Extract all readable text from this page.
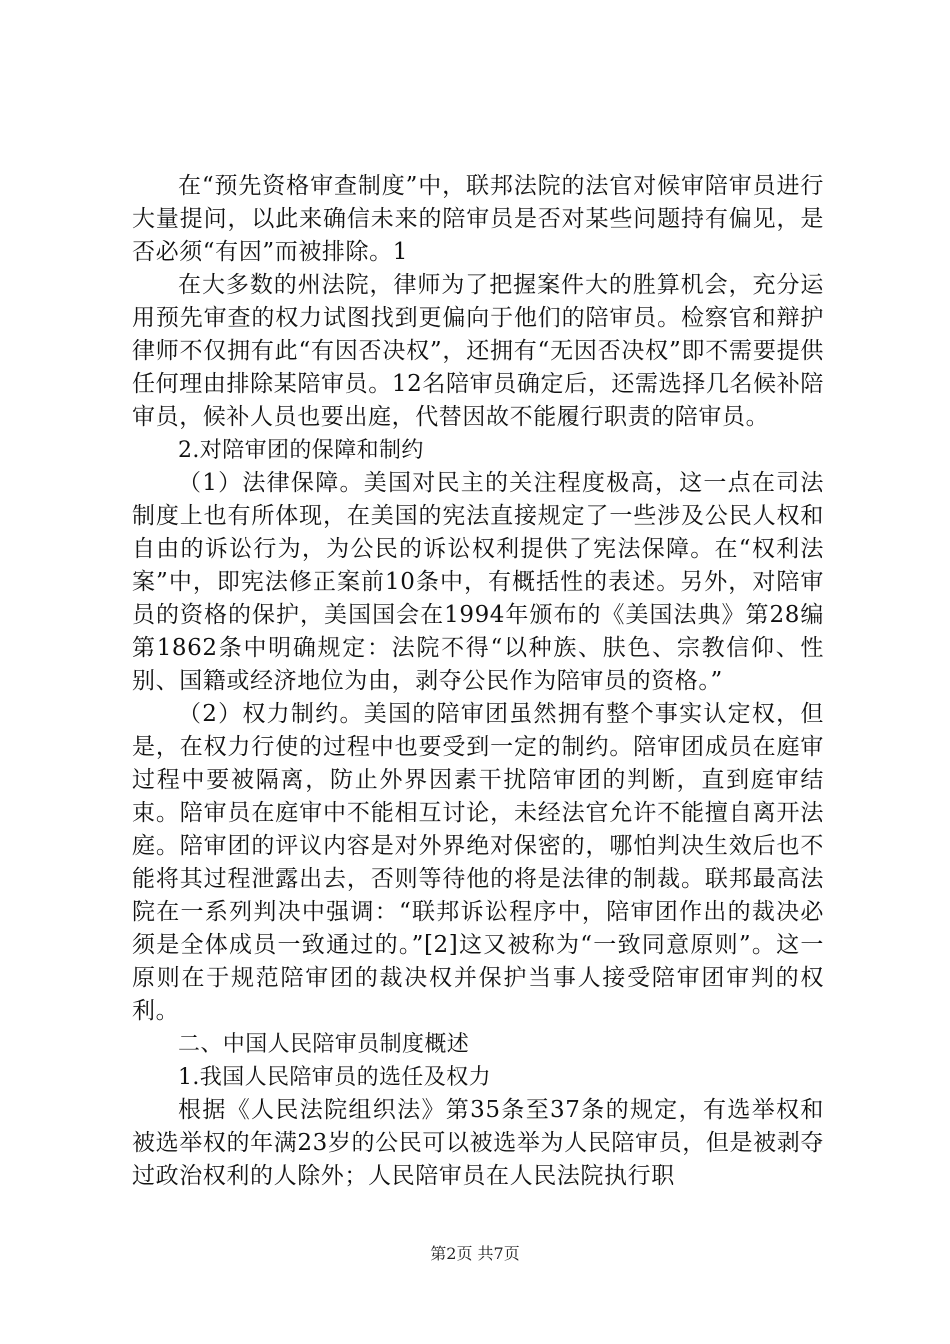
在“预先资格审查制度”中，联邦法院的法官对候审陪审员进行大量提问，以此来确信未来的陪审员是否对某些问题持有偏见，是否必须“有因”而被排除。1

在大多数的州法院，律师为了把握案件大的胜算机会，充分运用预先审查的权力试图找到更偏向于他们的陪审员。检察官和辩护律师不仅拥有此“有因否决权”，还拥有“无因否决权”即不需要提供任何理由排除某陪审员。12名陪审员确定后，还需选择几名候补陪审员，候补人员也要出庭，代替因故不能履行职责的陪审员。

2.对陪审团的保障和制约

（1）法律保障。美国对民主的关注程度极高，这一点在司法制度上也有所体现，在美国的宪法直接规定了一些涉及公民人权和自由的诉讼行为，为公民的诉讼权利提供了宪法保障。在“权利法案”中，即宪法修正案前10条中，有概括性的表述。另外，对陪审员的资格的保护，美国国会在1994年颁布的《美国法典》第28编第1862条中明确规定：法院不得“以种族、肤色、宗教信仰、性别、国籍或经济地位为由，剥夺公民作为陪审员的资格。”

（2）权力制约。美国的陪审团虽然拥有整个事实认定权，但是，在权力行使的过程中也要受到一定的制约。陪审团成员在庭审过程中要被隔离，防止外界因素干扰陪审团的判断，直到庭审结束。陪审员在庭审中不能相互讨论，未经法官允许不能擅自离开法庭。陪审团的评议内容是对外界绝对保密的，哪怕判决生效后也不能将其过程泄露出去，否则等待他的将是法律的制裁。联邦最高法院在一系列判决中强调：“联邦诉讼程序中，陪审团作出的裁决必须是全体成员一致通过的。”[2]这又被称为“一致同意原则”。这一原则在于规范陪审团的裁决权并保护当事人接受陪审团审判的权利。

二、中国人民陪审员制度概述

1.我国人民陪审员的选任及权力

根据《人民法院组织法》第35条至37条的规定，有选举权和被选举权的年满23岁的公民可以被选举为人民陪审员，但是被剥夺过政治权利的人除外；人民陪审员在人民法院执行职

第2页 共7页
